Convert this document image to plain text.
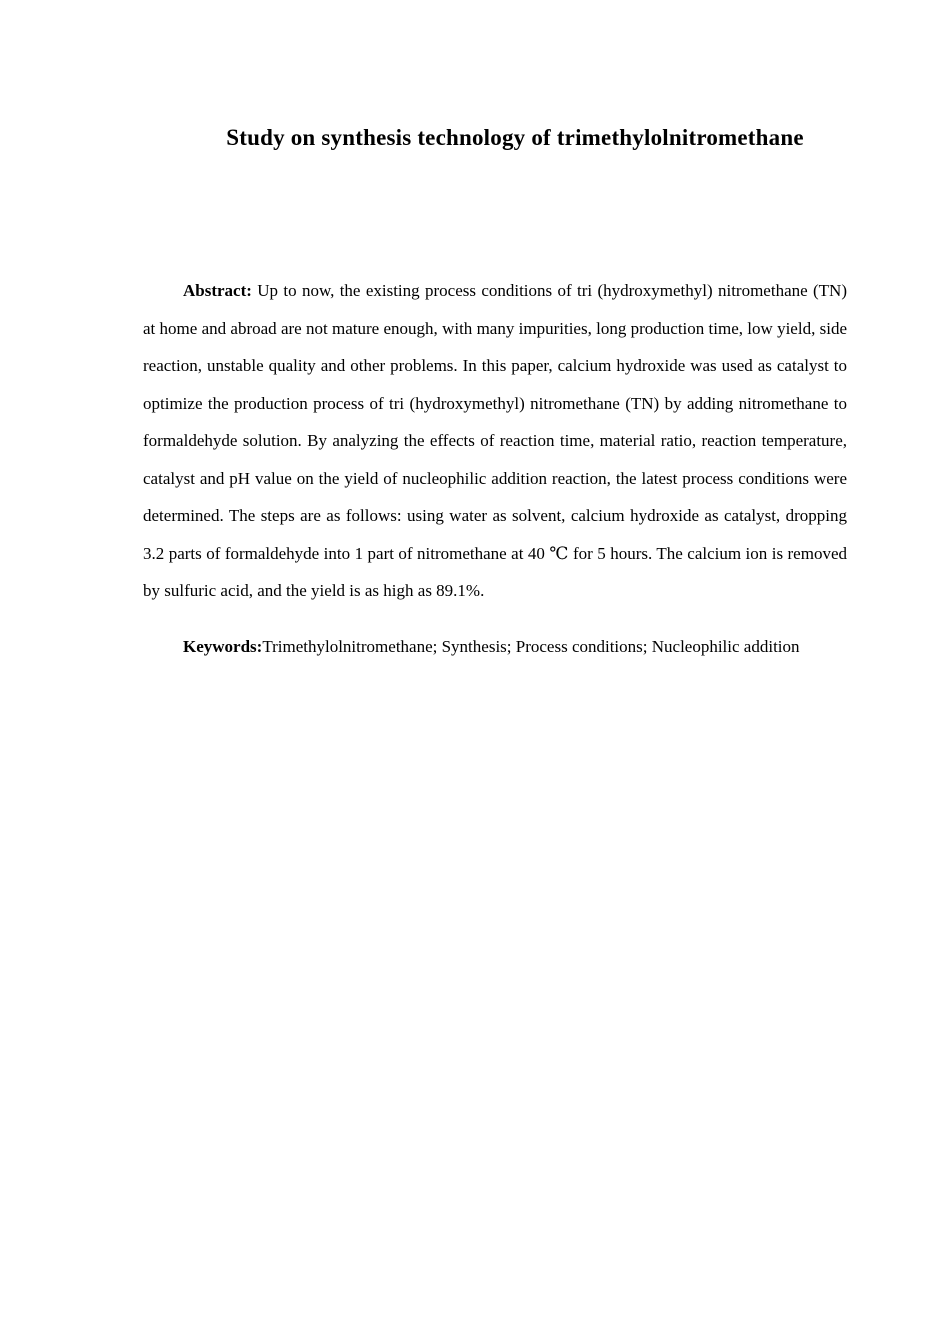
Study on synthesis technology of trimethylolnitromethane

Abstract: Up to now, the existing process conditions of tri (hydroxymethyl) nitromethane (TN) at home and abroad are not mature enough, with many impurities, long production time, low yield, side reaction, unstable quality and other problems. In this paper, calcium hydroxide was used as catalyst to optimize the production process of tri (hydroxymethyl) nitromethane (TN) by adding nitromethane to formaldehyde solution. By analyzing the effects of reaction time, material ratio, reaction temperature, catalyst and pH value on the yield of nucleophilic addition reaction, the latest process conditions were determined. The steps are as follows: using water as solvent, calcium hydroxide as catalyst, dropping 3.2 parts of formaldehyde into 1 part of nitromethane at 40 ℃ for 5 hours. The calcium ion is removed by sulfuric acid, and the yield is as high as 89.1%.

Keywords:Trimethylolnitromethane; Synthesis; Process conditions; Nucleophilic addition
